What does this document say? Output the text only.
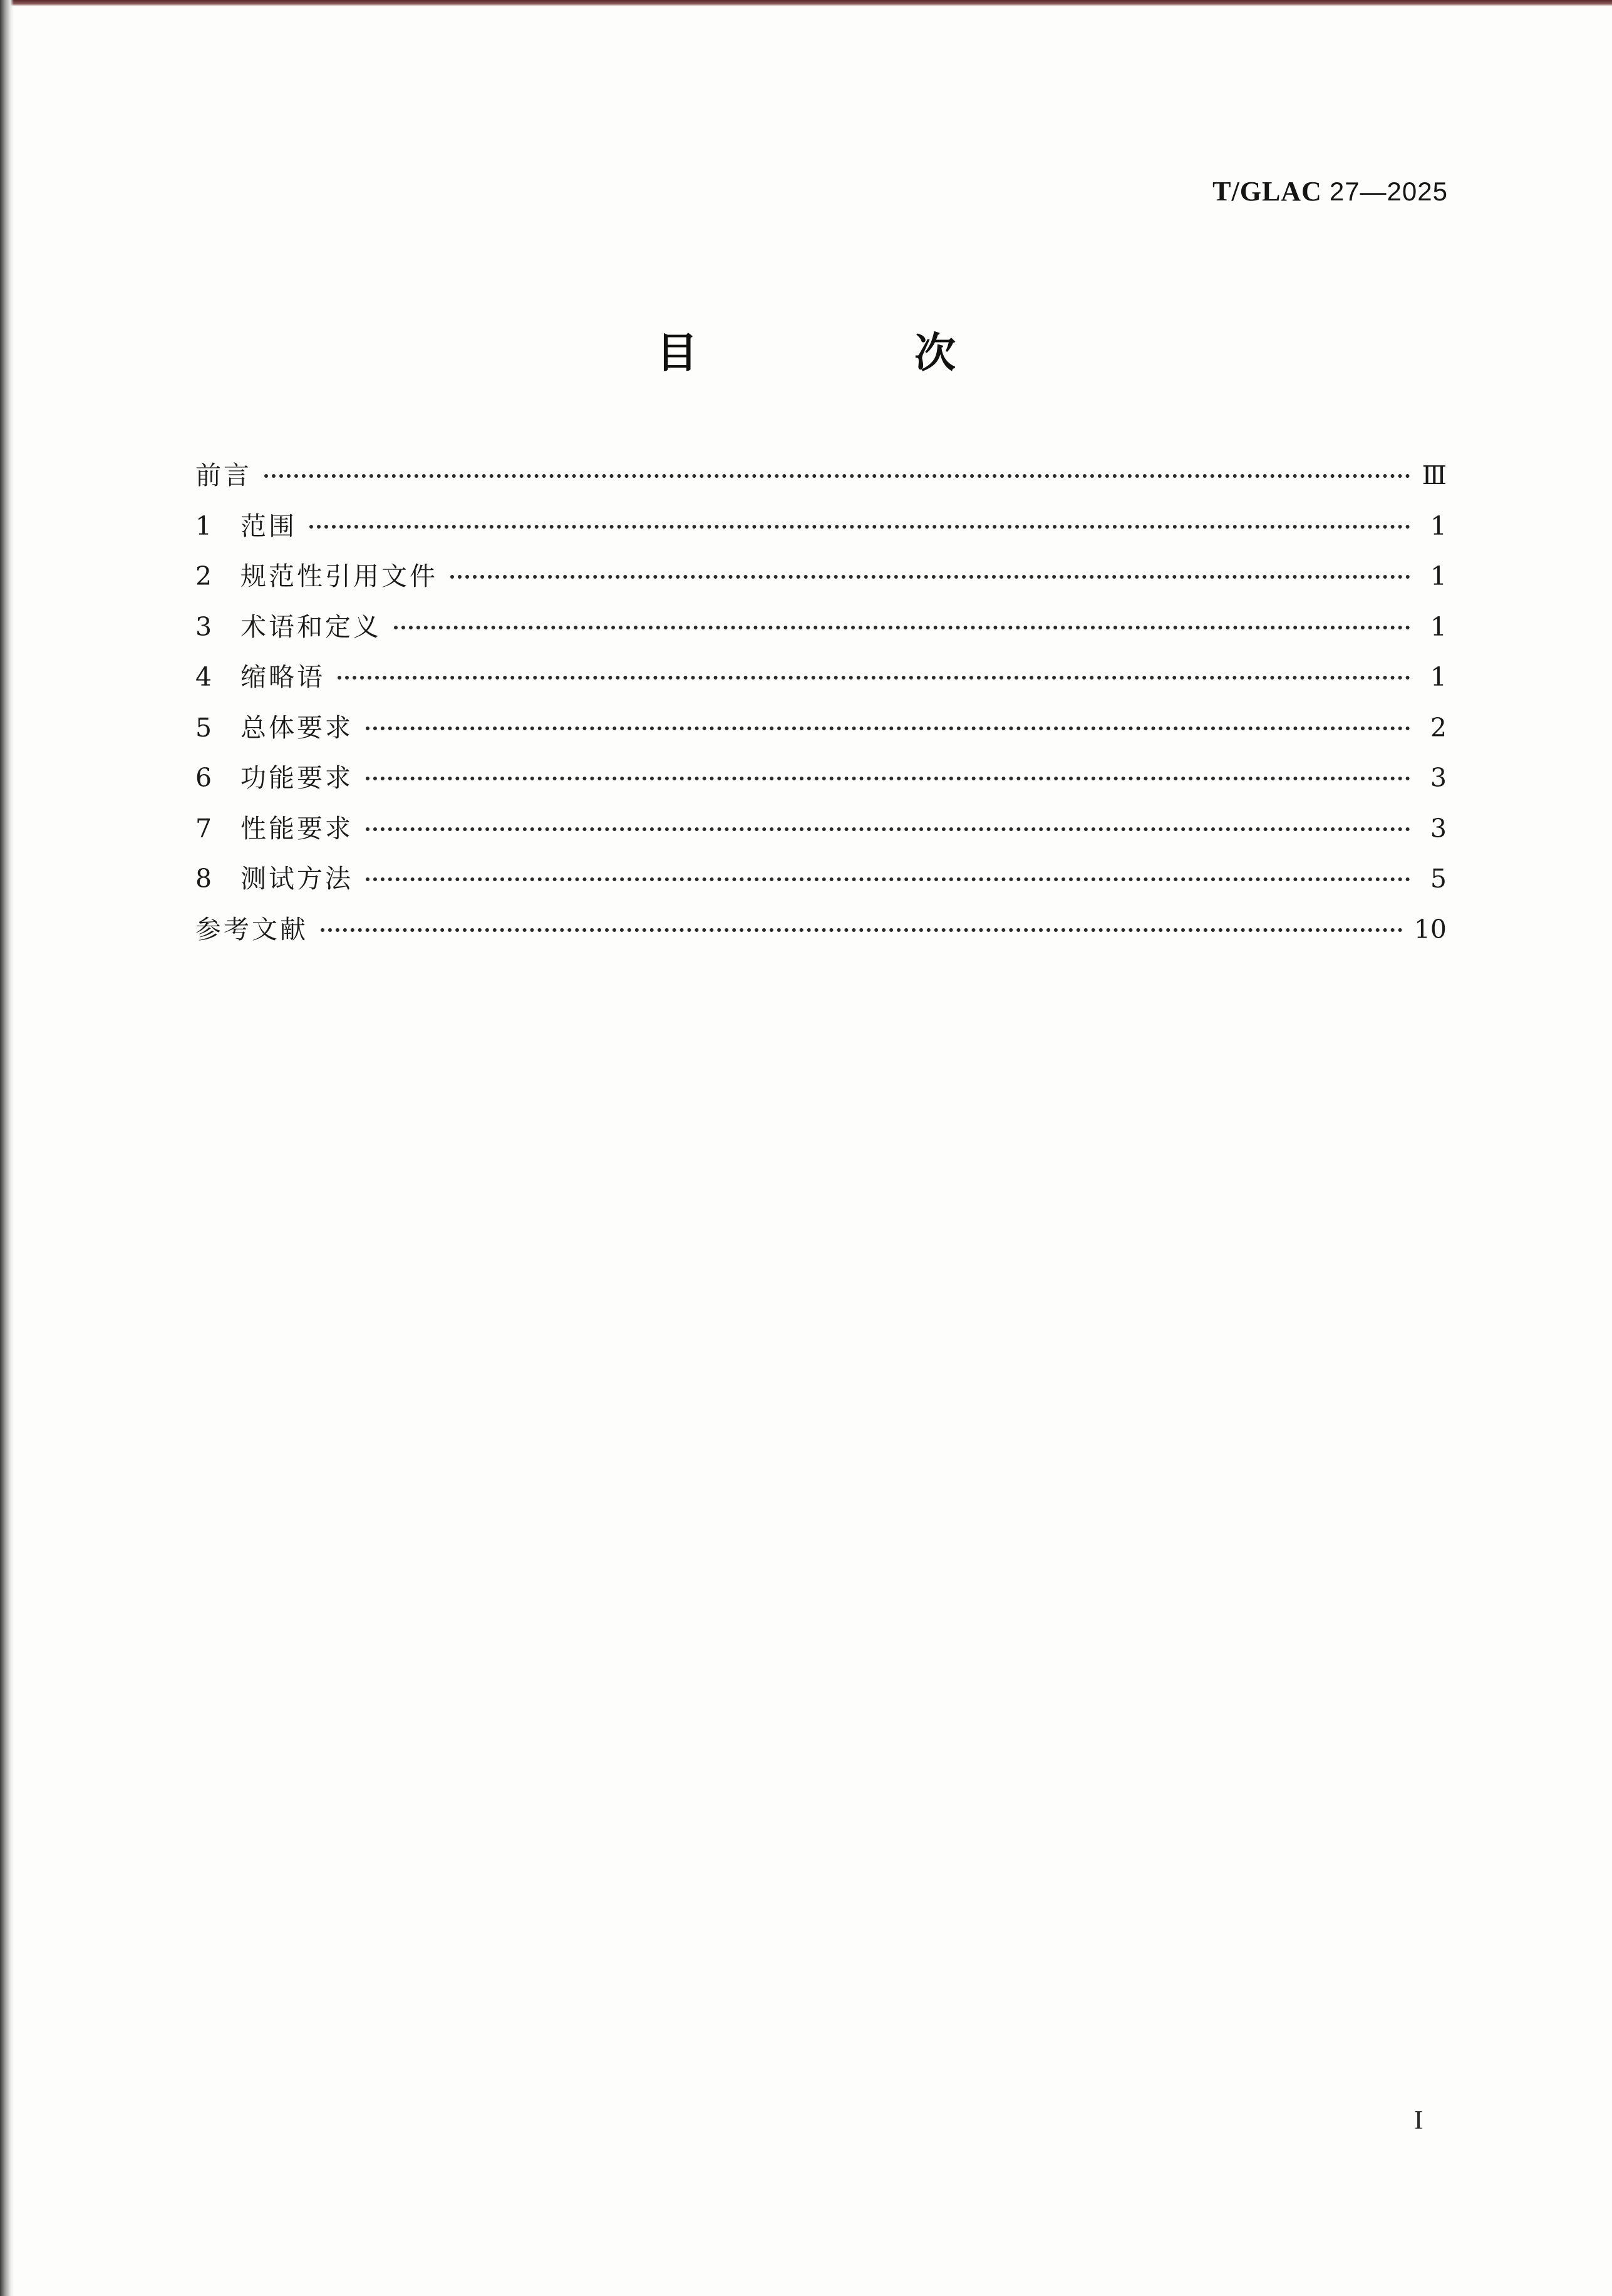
T/GLAC 27—2025
目　次
前言	Ⅲ
1	范围	1
2	规范性引用文件	1
3	术语和定义	1
4	缩略语	1
5	总体要求	2
6	功能要求	3
7	性能要求	3
8	测试方法	5
参考文献	10
I
